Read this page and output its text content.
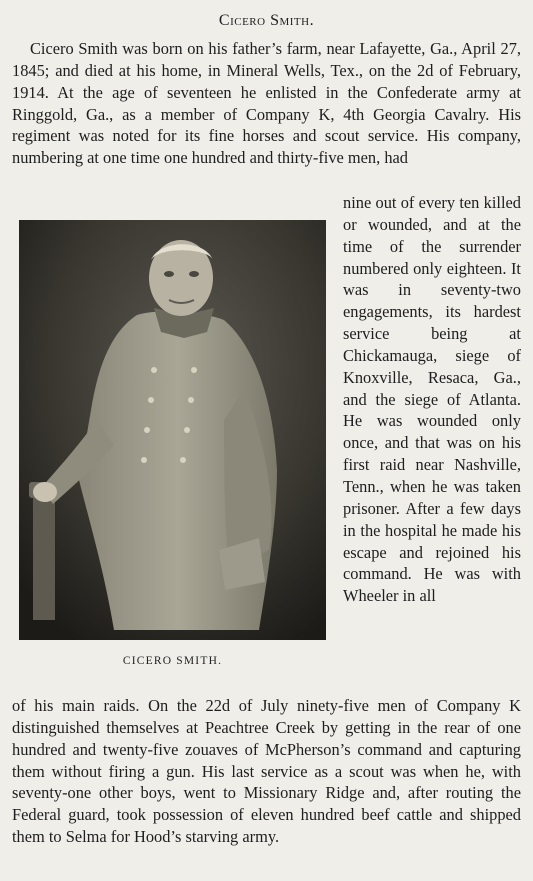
Cicero Smith.
Cicero Smith was born on his father’s farm, near Lafayette, Ga., April 27, 1845; and died at his home, in Mineral Wells, Tex., on the 2d of February, 1914. At the age of seventeen he enlisted in the Confederate army at Ringgold, Ga., as a member of Company K, 4th Georgia Cavalry. His regiment was noted for its fine horses and scout service. His company, numbering at one time one hundred and thirty-five men, had
CICERO SMITH.
nine out of every ten killed or wounded, and at the time of the surrender numbered only eighteen. It was in seventy-two engagements, its hardest service being at Chickamauga, siege of Knoxville, Resaca, Ga., and the siege of Atlanta. He was wounded only once, and that was on his first raid near Nashville, Tenn., when he was taken prisoner. After a few days in the hospital he made his escape and rejoined his command. He was with Wheeler in all
of his main raids. On the 22d of July ninety-five men of Company K distinguished themselves at Peachtree Creek by getting in the rear of one hundred and twenty-five zouaves of McPherson’s command and capturing them without firing a gun. His last service as a scout was when he, with seventy-one other boys, went to Missionary Ridge and, after routing the Federal guard, took possession of eleven hundred beef cattle and shipped them to Selma for Hood’s starving army.
